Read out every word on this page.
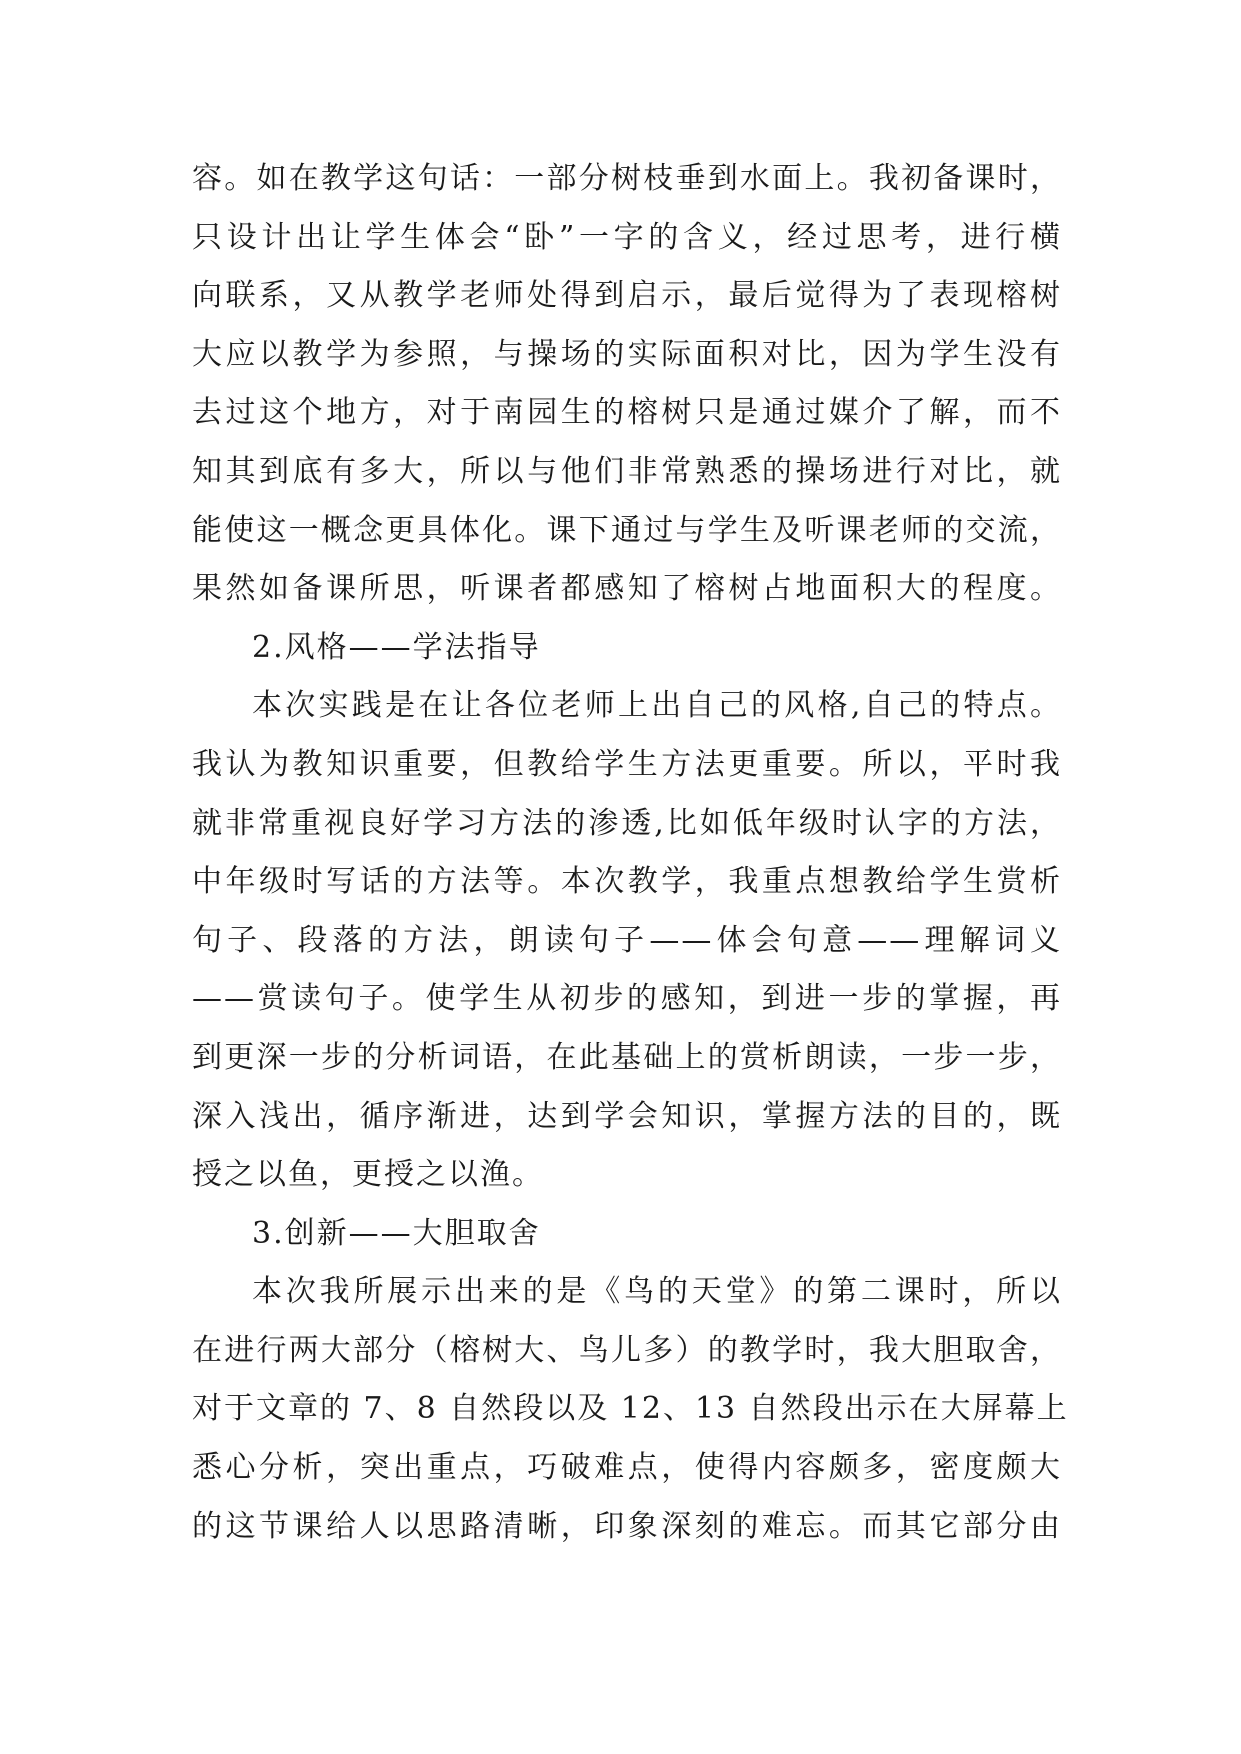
容。如在教学这句话：一部分树枝垂到水面上。我初备课时，
只设计出让学生体会“卧”一字的含义，经过思考，进行横
向联系，又从教学老师处得到启示，最后觉得为了表现榕树
大应以教学为参照，与操场的实际面积对比，因为学生没有
去过这个地方，对于南园生的榕树只是通过媒介了解，而不
知其到底有多大，所以与他们非常熟悉的操场进行对比，就
能使这一概念更具体化。课下通过与学生及听课老师的交流，
果然如备课所思，听课者都感知了榕树占地面积大的程度。
2.风格——学法指导
本次实践是在让各位老师上出自己的风格,自己的特点。
我认为教知识重要，但教给学生方法更重要。所以，平时我
就非常重视良好学习方法的渗透,比如低年级时认字的方法，
中年级时写话的方法等。本次教学，我重点想教给学生赏析
句子、段落的方法，朗读句子——体会句意——理解词义
——赏读句子。使学生从初步的感知，到进一步的掌握，再
到更深一步的分析词语，在此基础上的赏析朗读，一步一步，
深入浅出，循序渐进，达到学会知识，掌握方法的目的，既
授之以鱼，更授之以渔。
3.创新——大胆取舍
本次我所展示出来的是《鸟的天堂》的第二课时，所以
在进行两大部分（榕树大、鸟儿多）的教学时，我大胆取舍，
对于文章的 7、8 自然段以及 12、13 自然段出示在大屏幕上
悉心分析，突出重点，巧破难点，使得内容颇多，密度颇大
的这节课给人以思路清晰，印象深刻的难忘。而其它部分由
